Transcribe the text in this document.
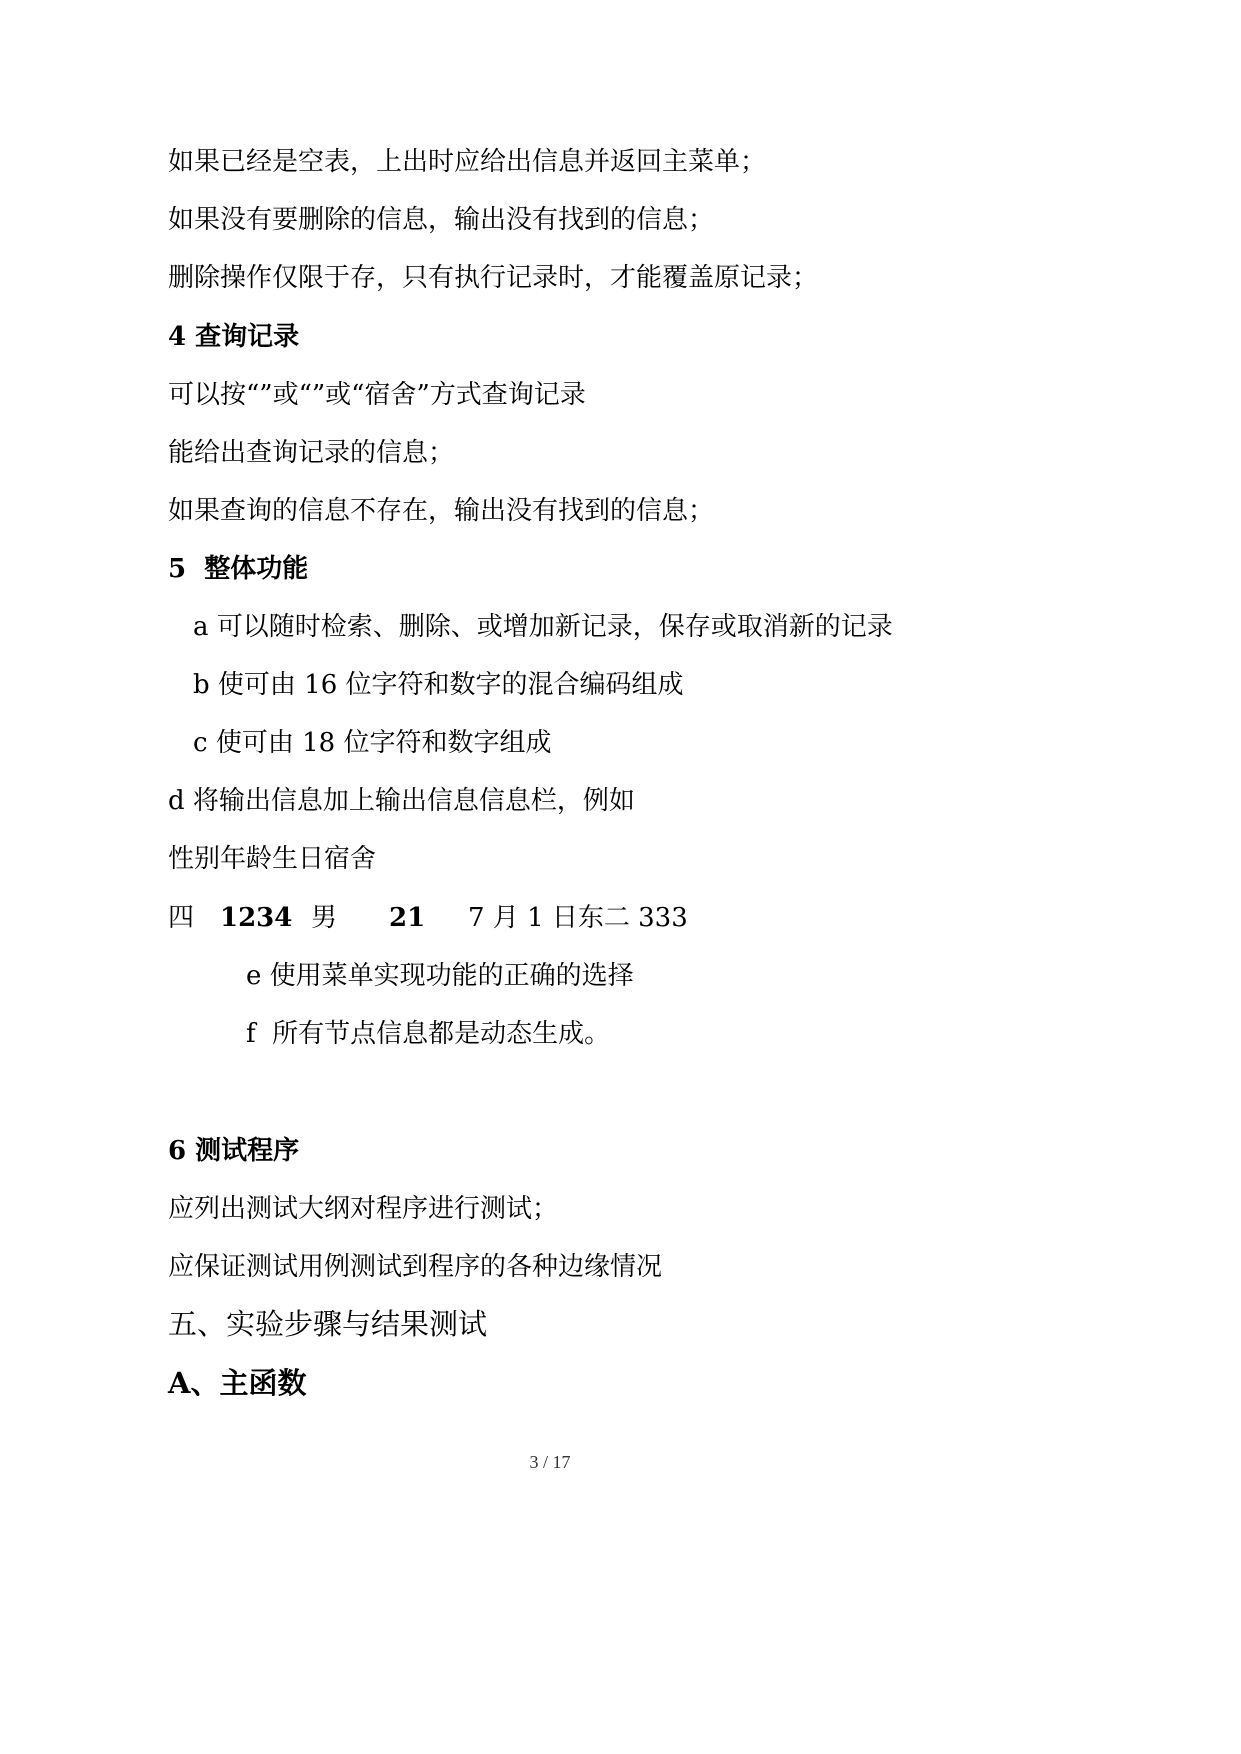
如果已经是空表，上出时应给出信息并返回主菜单；
如果没有要删除的信息，输出没有找到的信息；
删除操作仅限于存，只有执行记录时，才能覆盖原记录；
4 查询记录
可以按“”或“”或“宿舍”方式查询记录
能给出查询记录的信息；
如果查询的信息不存在，输出没有找到的信息；
5  整体功能
a 可以随时检索、删除、或增加新记录，保存或取消新的记录
b 使可由 16 位字符和数字的混合编码组成
c 使可由 18 位字符和数字组成
d 将输出信息加上输出信息信息栏，例如
性别年龄生日宿舍
四 1234 男 21 7 月 1 日东二 333
e 使用菜单实现功能的正确的选择
f  所有节点信息都是动态生成。
6 测试程序
应列出测试大纲对程序进行测试；
应保证测试用例测试到程序的各种边缘情况
五、实验步骤与结果测试
A、主函数
3 / 17
